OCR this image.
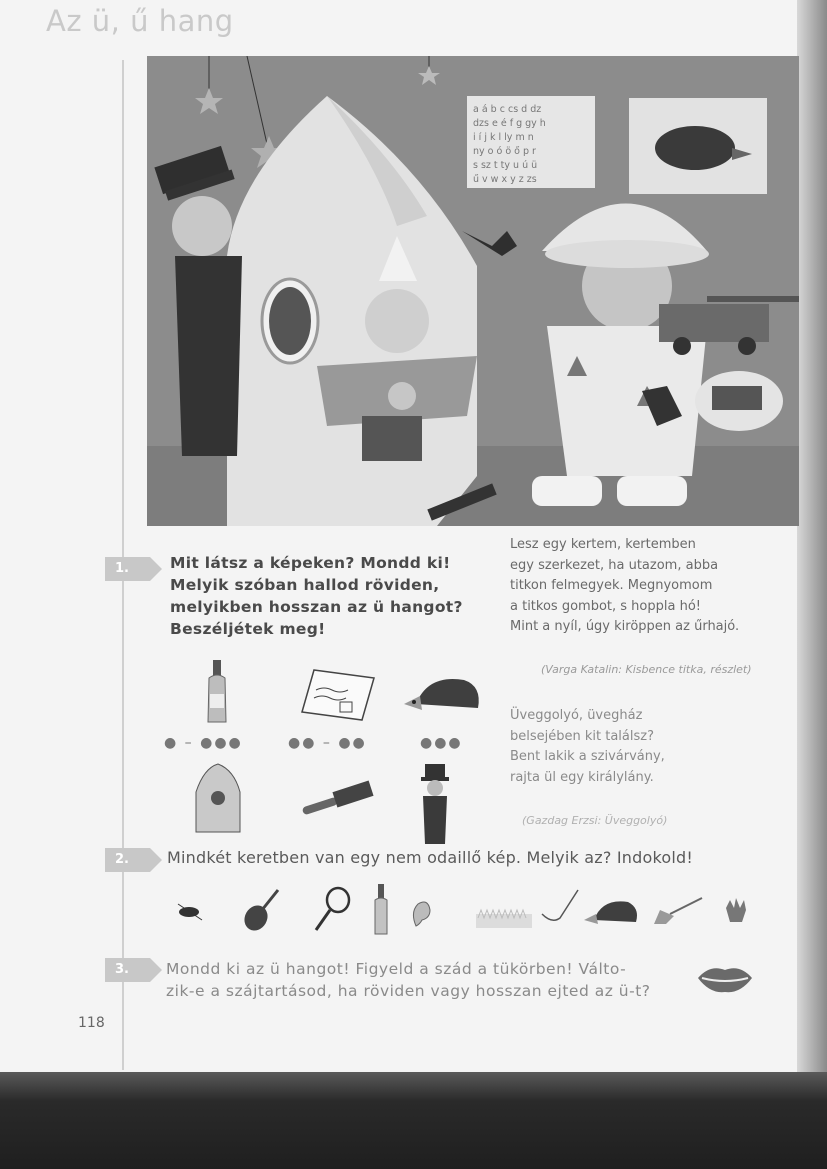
Az ü, ű hang
a á b c cs d dz
dzs e é f g gy h
i í j k l ly m n
ny o ó ö ő p r
s sz t ty u ú ü
ű v w x y z zs
1.	Mit látsz a képeken? Mondd ki! Melyik szóban hallod röviden, melyikben hosszan az ü hangot? Beszéljétek meg!
Lesz egy kertem, kertemben
egy szerkezet, ha utazom, abba
titkon felmegyek. Megnyomom
a titkos gombot, s hoppla hó!
Mint a nyíl, úgy kiröppen az űrhajó.
(Varga Katalin: Kisbence titka, részlet)
Üveggolyó, üvegház
belsejében kit találsz?
Bent lakik a szivárvány,
rajta ül egy királylány.
(Gazdag Erzsi: Üveggolyó)
● – ●●●	●● – ●●	●●●
2.	Mindkét keretben van egy nem odaillő kép. Melyik az? Indokold!
3.	Mondd ki az ü hangot! Figyeld a szád a tükörben! Válto-
zik-e a szájtartásod, ha röviden vagy hosszan ejted az ü-t?
118
